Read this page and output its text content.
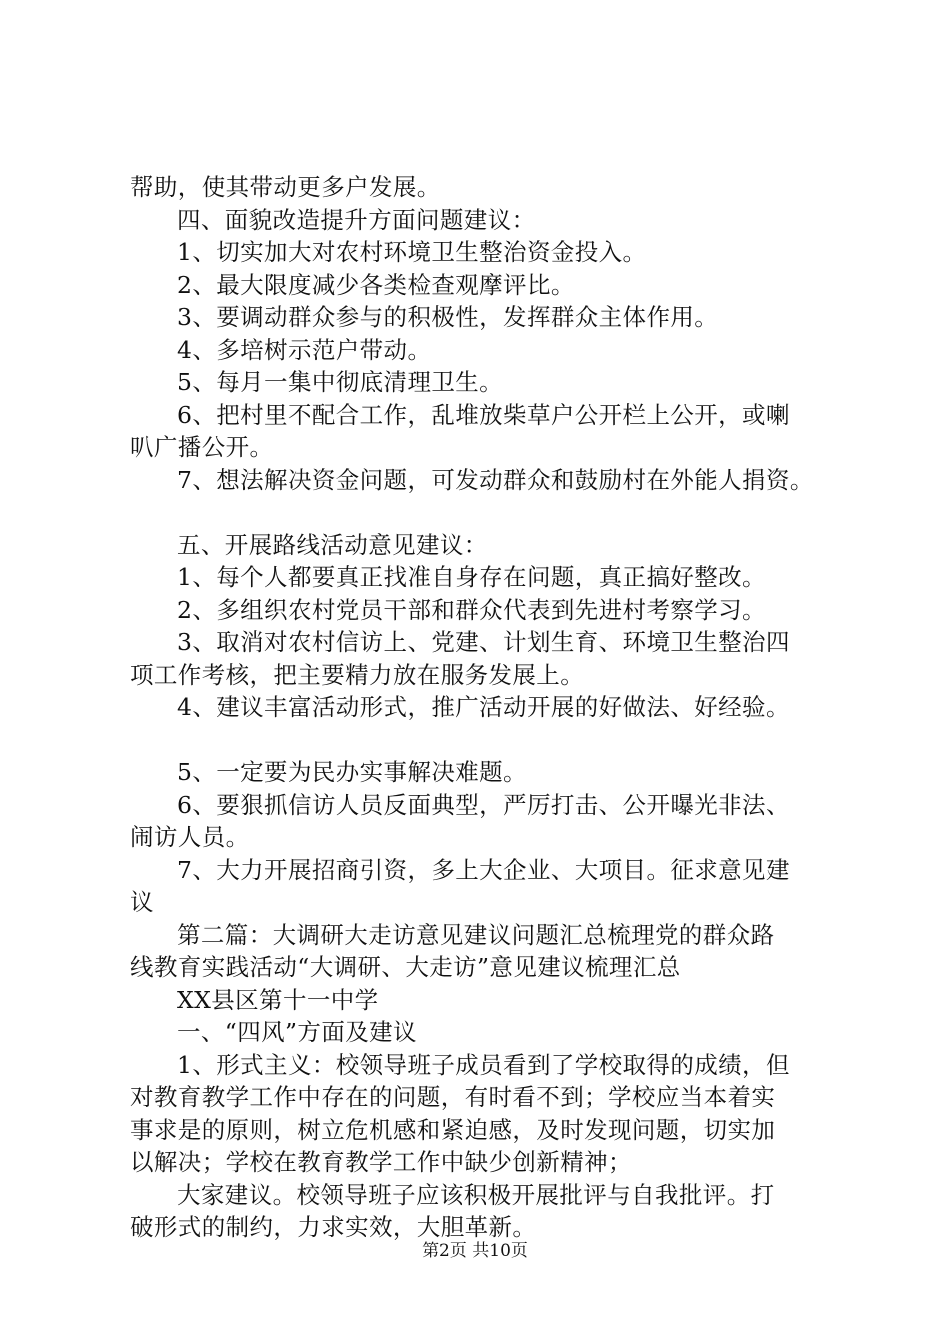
帮助，使其带动更多户发展。
四、面貌改造提升方面问题建议：
1、切实加大对农村环境卫生整治资金投入。
2、最大限度减少各类检查观摩评比。
3、要调动群众参与的积极性，发挥群众主体作用。
4、多培树示范户带动。
5、每月一集中彻底清理卫生。
6、把村里不配合工作，乱堆放柴草户公开栏上公开，或喇
叭广播公开。
7、想法解决资金问题，可发动群众和鼓励村在外能人捐资。
五、开展路线活动意见建议：
1、每个人都要真正找准自身存在问题，真正搞好整改。
2、多组织农村党员干部和群众代表到先进村考察学习。
3、取消对农村信访上、党建、计划生育、环境卫生整治四
项工作考核，把主要精力放在服务发展上。
4、建议丰富活动形式，推广活动开展的好做法、好经验。
5、一定要为民办实事解决难题。
6、要狠抓信访人员反面典型，严厉打击、公开曝光非法、
闹访人员。
7、大力开展招商引资，多上大企业、大项目。征求意见建
议
第二篇：大调研大走访意见建议问题汇总梳理党的群众路
线教育实践活动“大调研、大走访”意见建议梳理汇总
XX县区第十一中学
一、“四风”方面及建议
1、形式主义：校领导班子成员看到了学校取得的成绩，但
对教育教学工作中存在的问题，有时看不到；学校应当本着实
事求是的原则，树立危机感和紧迫感，及时发现问题，切实加
以解决；学校在教育教学工作中缺少创新精神；
大家建议。校领导班子应该积极开展批评与自我批评。打
破形式的制约，力求实效，大胆革新。
第2页 共10页
